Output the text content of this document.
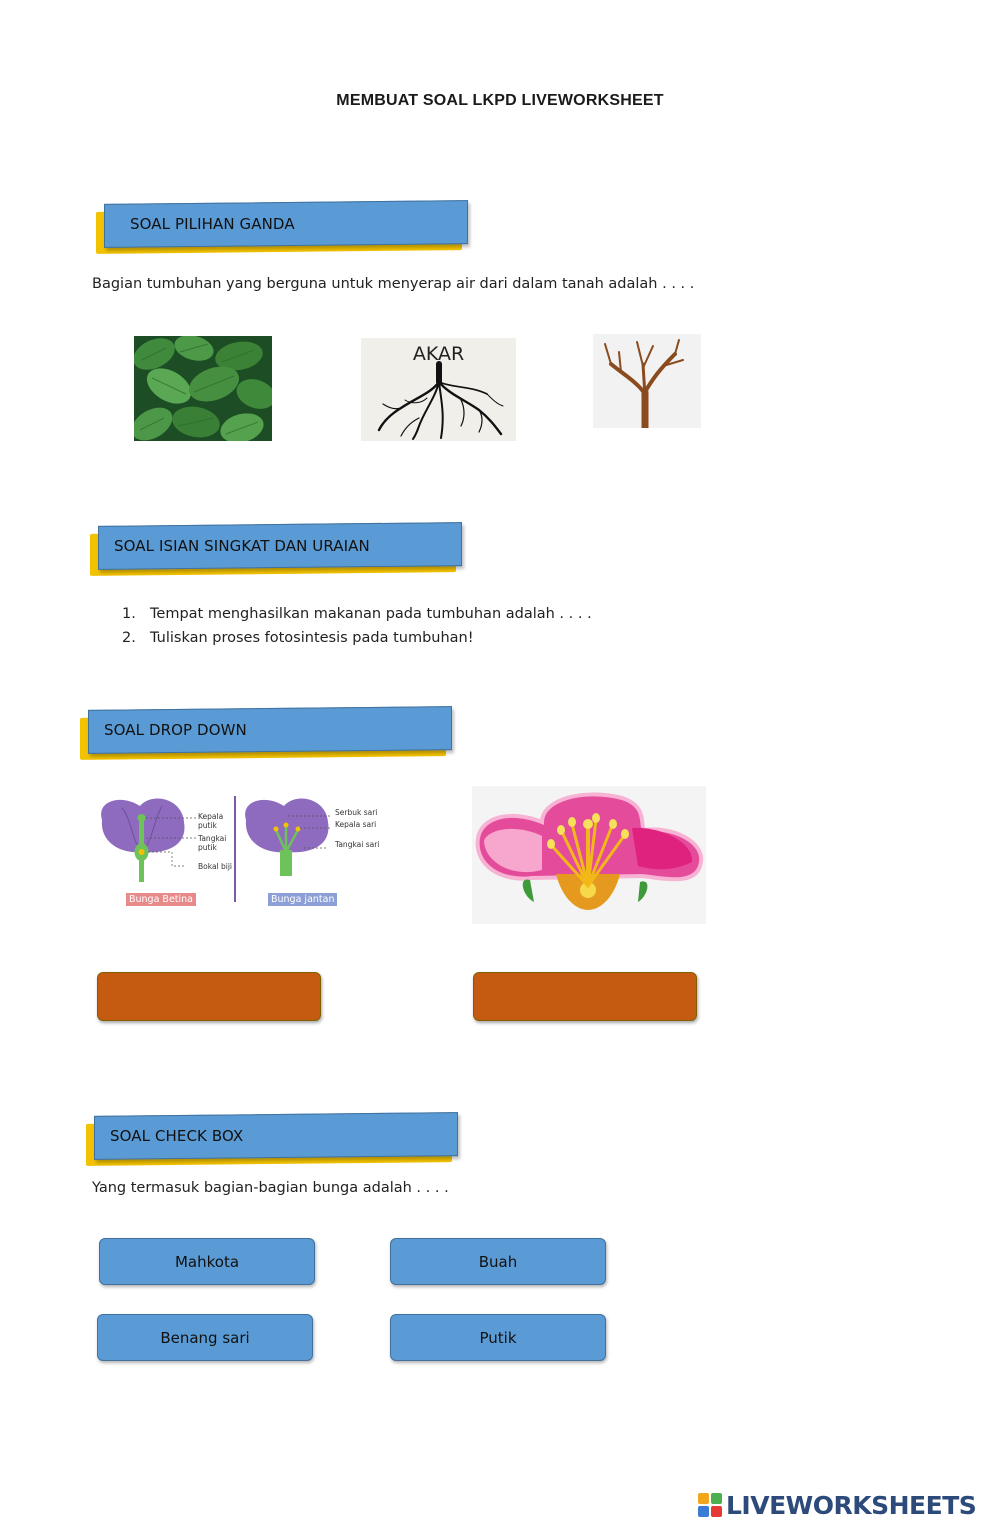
MEMBUAT SOAL LKPD LIVEWORKSHEET
SOAL PILIHAN GANDA
Bagian tumbuhan yang berguna untuk menyerap air dari dalam tanah adalah . . . .
AKAR
SOAL ISIAN SINGKAT DAN URAIAN
1. Tempat menghasilkan makanan pada tumbuhan adalah . . . .
2. Tuliskan proses fotosintesis pada tumbuhan!
SOAL DROP DOWN
Kepala putik
Tangkai putik
Bokal biji
Serbuk sari
Kepala sari
Tangkai sari
Bunga Betina	Bunga jantan
SOAL CHECK BOX
Yang termasuk bagian-bagian bunga adalah . . . .
Mahkota	Buah
Benang sari	Putik
LIVEWORKSHEETS
